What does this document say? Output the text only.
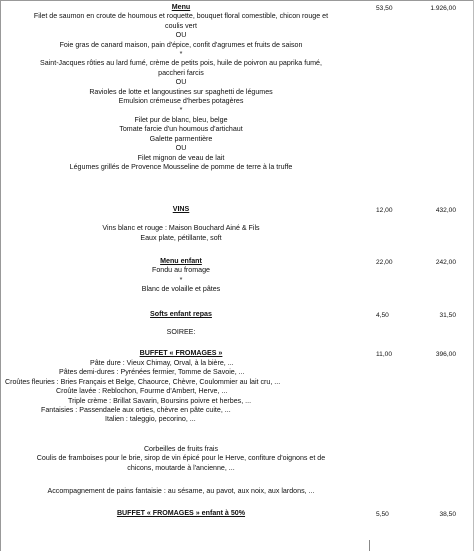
Menu
Filet de saumon en croute de houmous et roquette, bouquet floral comestible, chicon rouge et
coulis vert
OU
Foie gras de canard maison, pain d'épice, confit d'agrumes et fruits de saison
*
Saint-Jacques rôties au lard fumé, crème de petits pois, huile de poivron au paprika fumé,
paccheri farcis
OU
Ravioles de lotte et langoustines sur spaghetti de légumes
Emulsion crémeuse d'herbes potagères
*
Filet pur de blanc, bleu, belge
Tomate farcie d'un houmous d'artichaut
Galette parmentière
OU
Filet mignon de veau de lait
Légumes grillés de Provence Mousseline de pomme de terre à la truffe
53,50	1.926,00
VINS
Vins blanc et rouge : Maison Bouchard Ainé & Fils
Eaux plate, pétillante, soft
12,00	432,00
Menu enfant
Fondu au fromage
*
Blanc de volaille et pâtes
22,00	242,00
Softs enfant repas	4,50	31,50
SOIREE:
BUFFET « FROMAGES »	11,00	396,00
Pâte dure : Vieux Chimay, Orval, à la bière, ...
Pâtes demi-dures : Pyrénées fermier, Tomme de Savoie, ...
Croûtes fleuries : Bries Français et Belge, Chaource, Chèvre, Coulommier au lait cru, ...
Croûte lavée : Reblochon, Fourme d'Ambert, Herve, ...
Triple crème : Brillat Savarin, Boursins poivre et herbes, ...
Fantaisies : Passendaele aux orties, chèvre en pâte cuite, ...
Italien : taleggio, pecorino, ...
Corbeilles de fruits frais
Coulis de framboises pour le brie, sirop de vin épicé pour le Herve, confiture d'oignons et de
chicons, moutarde à l'ancienne, ...
Accompagnement de pains fantaisie : au sésame, au pavot, aux noix, aux lardons, ...
BUFFET « FROMAGES » enfant à 50%	5,50	38,50
